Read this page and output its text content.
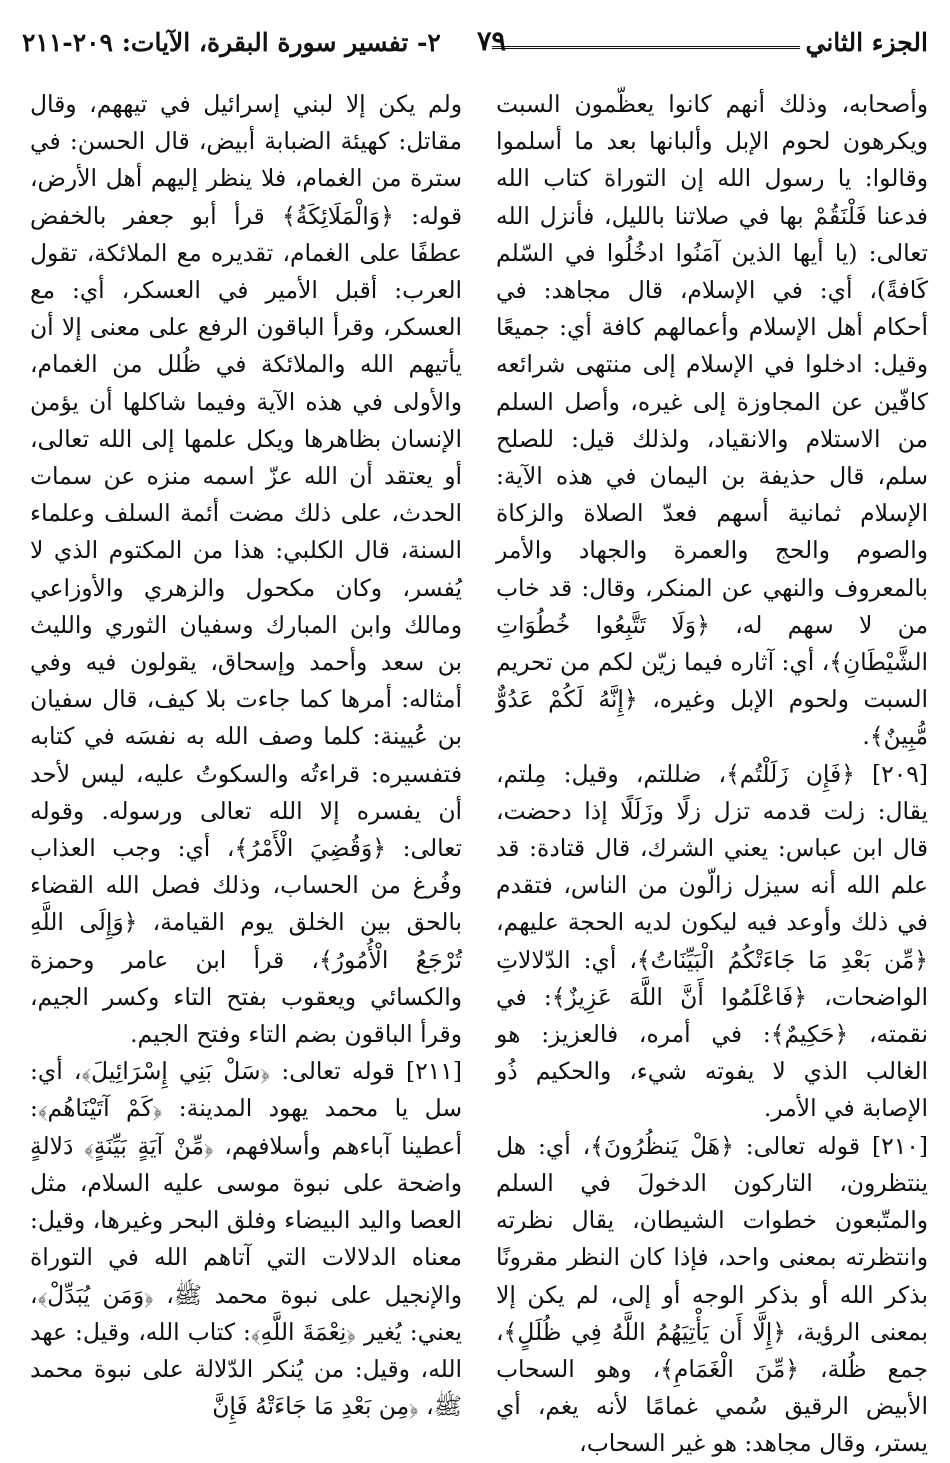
الجزء الثاني
٧٩
٢- تفسير سورة البقرة، الآيات: ٢٠٩-٢١١
وأصحابه، وذلك أنهم كانوا يعظّمون السبت ويكرهون لحوم الإبل وألبانها بعد ما أسلموا وقالوا: يا رسول الله إن التوراة كتاب الله فدعنا فَلْنَقُمْ بها في صلاتنا بالليل، فأنزل الله تعالى: (يا أيها الذين آمَنُوا ادخُلُوا في السّلم كَافةً)، أي: في الإسلام، قال مجاهد: في أحكام أهل الإسلام وأعمالهم كافة أي: جميعًا وقيل: ادخلوا في الإسلام إلى منتهى شرائعه كافّين عن المجاوزة إلى غيره، وأصل السلم من الاستلام والانقياد، ولذلك قيل: للصلح سلم، قال حذيفة بن اليمان في هذه الآية: الإسلام ثمانية أسهم فعدّ الصلاة والزكاة والصوم والحج والعمرة والجهاد والأمر بالمعروف والنهي عن المنكر، وقال: قد خاب من لا سهم له، ﴿وَلَا تَتَّبِعُوا خُطُوَاتِ الشَّيْطَانِ﴾، أي: آثاره فيما زيّن لكم من تحريم السبت ولحوم الإبل وغيره، ﴿إِنَّهُ لَكُمْ عَدُوٌّ مُّبِينٌ﴾.
[٢٠٩] ﴿فَإِن زَلَلْتُم﴾، ضللتم، وقيل: مِلتم، يقال: زلت قدمه تزل زلًا وزَلَلًا إذا دحضت، قال ابن عباس: يعني الشرك، قال قتادة: قد علم الله أنه سيزل زالّون من الناس، فتقدم في ذلك وأوعد فيه ليكون لديه الحجة عليهم، ﴿مِّن بَعْدِ مَا جَاءَتْكُمُ الْبَيِّنَاتُ﴾، أي: الدّلالاتِ الواضحات، ﴿فَاعْلَمُوا أَنَّ اللَّهَ عَزِيزٌ﴾: في نقمته، ﴿حَكِيمٌ﴾: في أمره، فالعزيز: هو الغالب الذي لا يفوته شيء، والحكيم ذُو الإصابة في الأمر.
[٢١٠] قوله تعالى: ﴿هَلْ يَنظُرُونَ﴾، أي: هل ينتظرون، التاركون الدخولَ في السلم والمتّبعون خطوات الشيطان، يقال نظرته وانتظرته بمعنى واحد، فإذا كان النظر مقرونًا بذكر الله أو بذكر الوجه أو إلى، لم يكن إلا بمعنى الرؤية، ﴿إِلَّا أَن يَأْتِيَهُمُ اللَّهُ فِي ظُلَلٍ﴾، جمع ظُلة، ﴿مِّنَ الْغَمَامِ﴾، وهو السحاب الأبيض الرقيق سُمي غمامًا لأنه يغم، أي يستر، وقال مجاهد: هو غير السحاب،
ولم يكن إلا لبني إسرائيل في تيههم، وقال مقاتل: كهيئة الضبابة أبيض، قال الحسن: في سترة من الغمام، فلا ينظر إليهم أهل الأرض، قوله: ﴿وَالْمَلَائِكَةُ﴾ قرأ أبو جعفر بالخفض عطفًا على الغمام، تقديره مع الملائكة، تقول العرب: أقبل الأمير في العسكر، أي: مع العسكر، وقرأ الباقون الرفع على معنى إلا أن يأتيهم الله والملائكة في ظُلل من الغمام، والأولى في هذه الآية وفيما شاكلها أن يؤمن الإنسان بظاهرها ويكل علمها إلى الله تعالى، أو يعتقد أن الله عزّ اسمه منزه عن سمات الحدث، على ذلك مضت أئمة السلف وعلماء السنة، قال الكلبي: هذا من المكتوم الذي لا يُفسر، وكان مكحول والزهري والأوزاعي ومالك وابن المبارك وسفيان الثوري والليث بن سعد وأحمد وإسحاق، يقولون فيه وفي أمثاله: أمرها كما جاءت بلا كيف، قال سفيان بن عُيينة: كلما وصف الله به نفسَه في كتابه فتفسيره: قراءتُه والسكوتُ عليه، ليس لأحد أن يفسره إلا الله تعالى ورسوله. وقوله تعالى: ﴿وَقُضِيَ الْأَمْرُ﴾، أي: وجب العذاب وفُرغ من الحساب، وذلك فصل الله القضاء بالحق بين الخلق يوم القيامة، ﴿وَإِلَى اللَّهِ تُرْجَعُ الْأُمُورُ﴾، قرأ ابن عامر وحمزة والكسائي ويعقوب بفتح التاء وكسر الجيم، وقرأ الباقون بضم التاء وفتح الجيم.
[٢١١] قوله تعالى: ﴿سَلْ بَنِي إِسْرَائِيلَ﴾، أي: سل يا محمد يهود المدينة: ﴿كَمْ آتَيْنَاهُم﴾: أعطينا آباءهم وأسلافهم، ﴿مِّنْ آيَةٍ بَيِّنَةٍ﴾ دَلالةٍ واضحة على نبوة موسى عليه السلام، مثل العصا واليد البيضاء وفلق البحر وغيرها، وقيل: معناه الدلالات التي آتاهم الله في التوراة والإنجيل على نبوة محمد ﷺ، ﴿وَمَن يُبَدِّلْ﴾، يعني: يُغير ﴿نِعْمَةَ اللَّهِ﴾: كتاب الله، وقيل: عهد الله، وقيل: من يُنكر الدّلالة على نبوة محمد ﷺ، ﴿مِن بَعْدِ مَا جَاءَتْهُ فَإِنَّ
